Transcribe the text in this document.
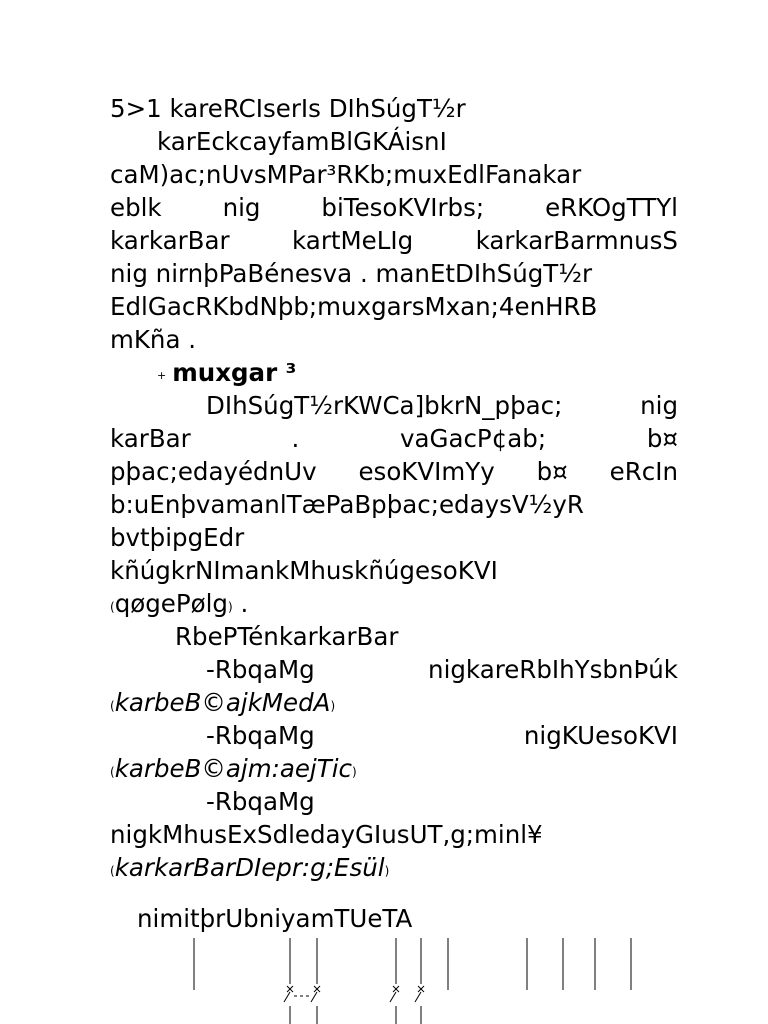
5>1 kareRCIserIs DIhSúgT½r
karEckcayfamBlGKÁisnI
caM)ac;nUvsMPar³RKb;muxEdlFanakar
eblk nig biTesoKVIrbs; eRKOgTTYl
karkarBar	kartMeLIg	karkarBarmnusS
nig nirnþPaBénesva . manEtDIhSúgT½r
EdlGacRKbdNþb;muxgarsMxan;4enHRB
mKña .
+ muxgar ³
DIhSúgT½rKWCa]bkrN_pþac;	nig
karBar	.	vaGacP¢ab;	b¤
pþac;edayédnUv esoKVImYy b¤ eRcIn
b:uEnþvamanlTæPaBpþac;edaysV½yR
bvtþipgEdr
kñúgkrNImankMhuskñúgesoKVI
(qøgePølg) .
RbePTénkarkarBar
-RbqaMg	nigkareRbIhYsbnÞúk
(karbeB©ajkMedA)
-RbqaMg	nigKUesoKVI
(karbeB©ajm:aejTic)
-RbqaMg
nigkMhusExSdledayGIusUT,g;minl¥
(karkarBarDIepr:g;Esül)
nimitþrUbniyamTUeTA
